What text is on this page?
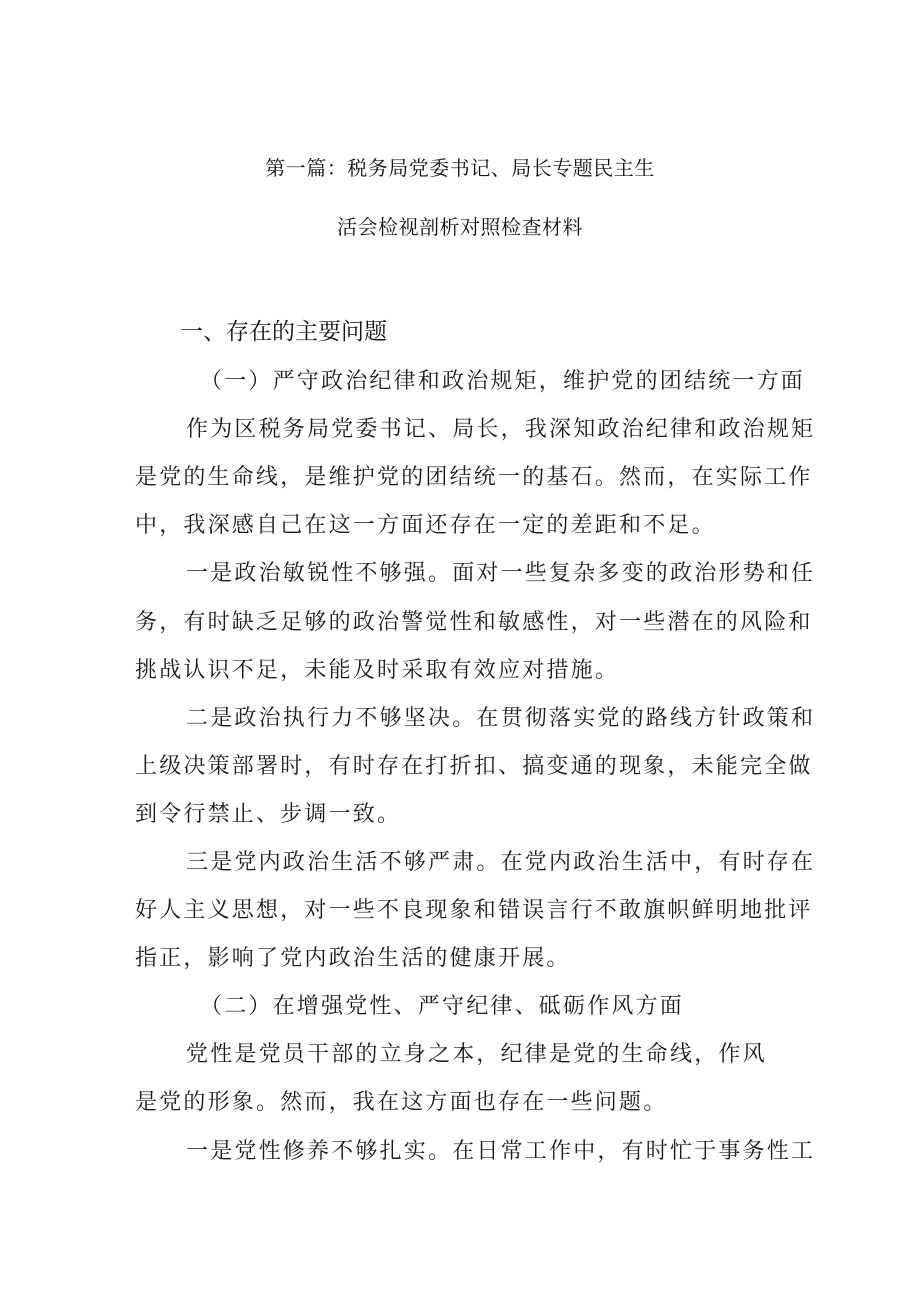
第一篇：税务局党委书记、局长专题民主生
活会检视剖析对照检查材料
一、存在的主要问题
（一）严守政治纪律和政治规矩，维护党的团结统一方面
作为区税务局党委书记、局长，我深知政治纪律和政治规矩
是党的生命线，是维护党的团结统一的基石。然而，在实际工作
中，我深感自己在这一方面还存在一定的差距和不足。
一是政治敏锐性不够强。面对一些复杂多变的政治形势和任
务，有时缺乏足够的政治警觉性和敏感性，对一些潜在的风险和
挑战认识不足，未能及时采取有效应对措施。
二是政治执行力不够坚决。在贯彻落实党的路线方针政策和
上级决策部署时，有时存在打折扣、搞变通的现象，未能完全做
到令行禁止、步调一致。
三是党内政治生活不够严肃。在党内政治生活中，有时存在
好人主义思想，对一些不良现象和错误言行不敢旗帜鲜明地批评
指正，影响了党内政治生活的健康开展。
（二）在增强党性、严守纪律、砥砺作风方面
党性是党员干部的立身之本，纪律是党的生命线，作风
是党的形象。然而，我在这方面也存在一些问题。
一是党性修养不够扎实。在日常工作中，有时忙于事务性工
